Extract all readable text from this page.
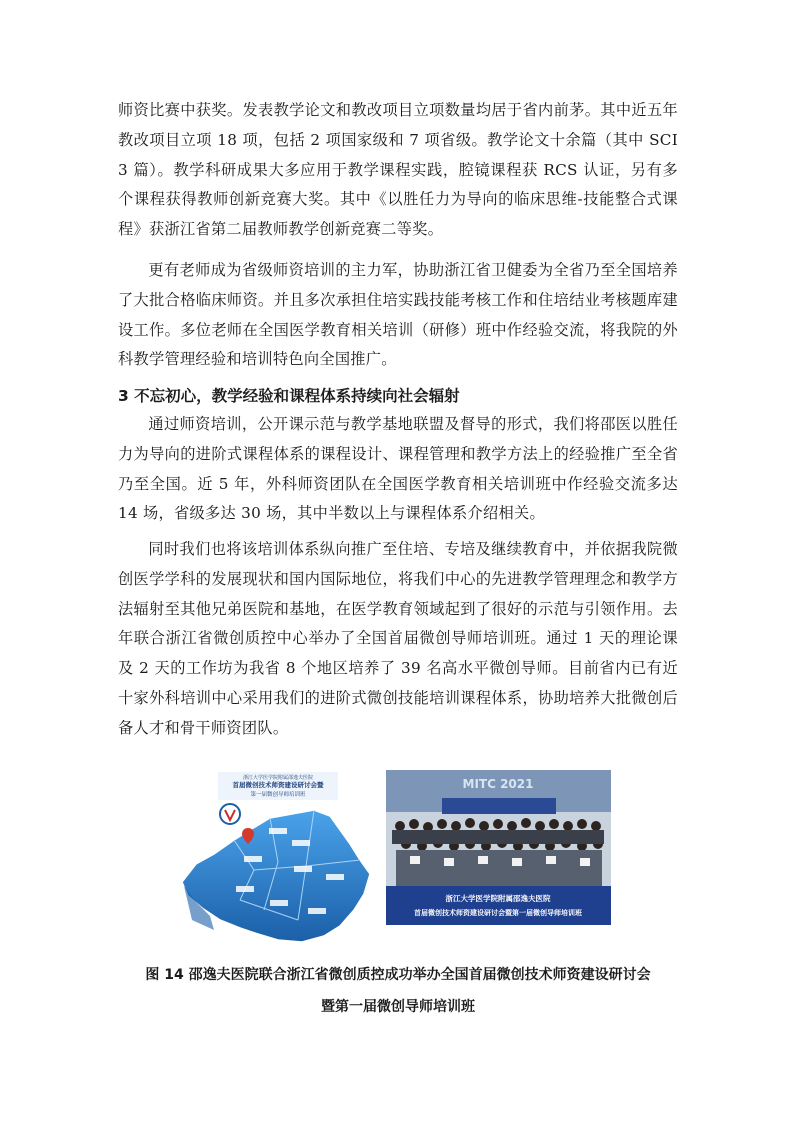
师资比赛中获奖。发表教学论文和教改项目立项数量均居于省内前茅。其中近五年教改项目立项 18 项，包括 2 项国家级和 7 项省级。教学论文十余篇（其中 SCI 3 篇）。教学科研成果大多应用于教学课程实践，腔镜课程获 RCS 认证，另有多个课程获得教师创新竞赛大奖。其中《以胜任力为导向的临床思维-技能整合式课程》获浙江省第二届教师教学创新竞赛二等奖。

更有老师成为省级师资培训的主力军，协助浙江省卫健委为全省乃至全国培养了大批合格临床师资。并且多次承担住培实践技能考核工作和住培结业考核题库建设工作。多位老师在全国医学教育相关培训（研修）班中作经验交流，将我院的外科教学管理经验和培训特色向全国推广。

3 不忘初心，教学经验和课程体系持续向社会辐射

通过师资培训，公开课示范与教学基地联盟及督导的形式，我们将邵医以胜任力为导向的进阶式课程体系的课程设计、课程管理和教学方法上的经验推广至全省乃至全国。近 5 年，外科师资团队在全国医学教育相关培训班中作经验交流多达 14 场，省级多达 30 场，其中半数以上与课程体系介绍相关。

同时我们也将该培训体系纵向推广至住培、专培及继续教育中，并依据我院微创医学学科的发展现状和国内国际地位，将我们中心的先进教学管理理念和教学方法辐射至其他兄弟医院和基地，在医学教育领域起到了很好的示范与引领作用。去年联合浙江省微创质控中心举办了全国首届微创导师培训班。通过 1 天的理论课及 2 天的工作坊为我省 8 个地区培养了 39 名高水平微创导师。目前省内已有近十家外科培训中心采用我们的进阶式微创技能培训课程体系，协助培养大批微创后备人才和骨干师资团队。

浙江大学医学院附属邵逸夫医院
首届微创技术师资建设研讨会暨
第一届微创导师培训班
MITC 2021
浙江大学医学院附属邵逸夫医院
首届微创技术师资建设研讨会暨第一届微创导师培训班

图 14 邵逸夫医院联合浙江省微创质控成功举办全国首届微创技术师资建设研讨会

暨第一届微创导师培训班
